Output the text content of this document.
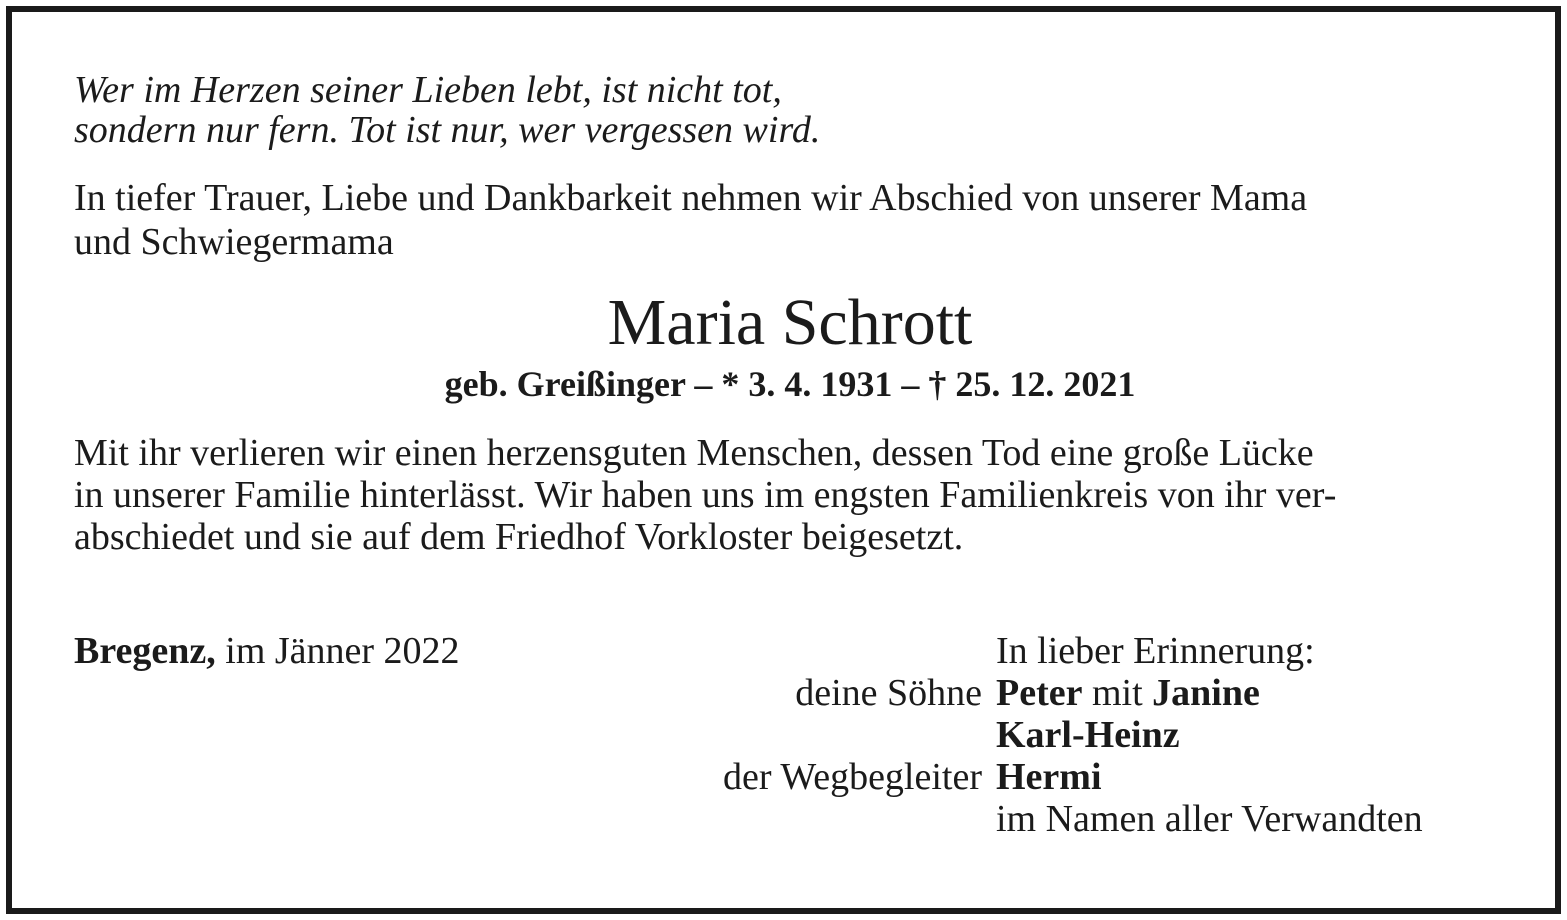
Wer im Herzen seiner Lieben lebt, ist nicht tot,
sondern nur fern. Tot ist nur, wer vergessen wird.
In tiefer Trauer, Liebe und Dankbarkeit nehmen wir Abschied von unserer Mama
und Schwiegermama
Maria Schrott
geb. Greißinger – * 3. 4. 1931 – † 25. 12. 2021
Mit ihr verlieren wir einen herzensguten Menschen, dessen Tod eine große Lücke
in unserer Familie hinterlässt. Wir haben uns im engsten Familienkreis von ihr ver-
abschiedet und sie auf dem Friedhof Vorkloster beigesetzt.
Bregenz, im Jänner 2022	In lieber Erinnerung:
deine Söhne Peter mit Janine
Karl-Heinz
der Wegbegleiter Hermi
im Namen aller Verwandten
